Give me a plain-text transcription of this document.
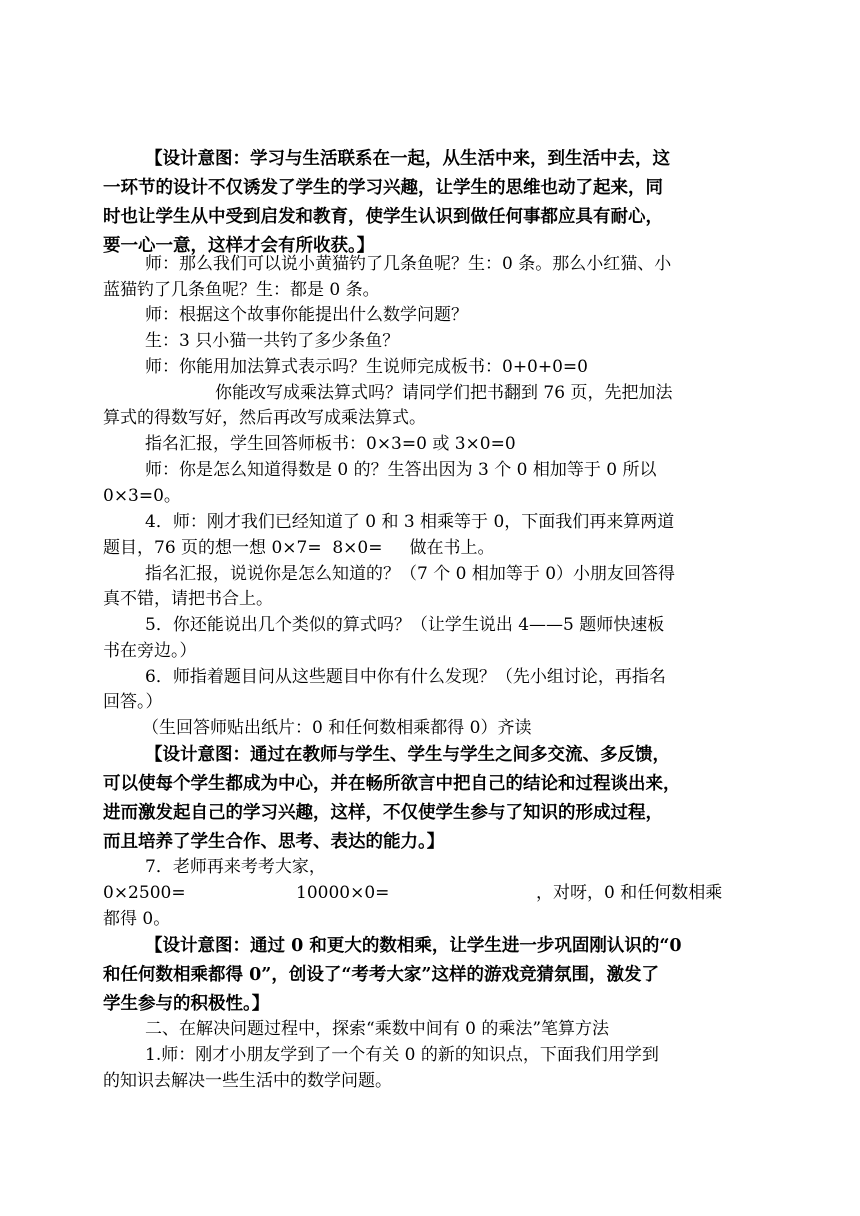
【设计意图：学习与生活联系在一起，从生活中来，到生活中去，这
一环节的设计不仅诱发了学生的学习兴趣，让学生的思维也动了起来，同
时也让学生从中受到启发和教育，使学生认识到做任何事都应具有耐心，
要一心一意，这样才会有所收获。】
师：那么我们可以说小黄猫钓了几条鱼呢？生：0 条。那么小红猫、小
蓝猫钓了几条鱼呢？生：都是 0 条。
师：根据这个故事你能提出什么数学问题？
生：3 只小猫一共钓了多少条鱼？
师：你能用加法算式表示吗？生说师完成板书：0+0+0=0
你能改写成乘法算式吗？请同学们把书翻到 76 页，先把加法
算式的得数写好，然后再改写成乘法算式。
指名汇报，学生回答师板书：0×3=0 或 3×0=0
师：你是怎么知道得数是 0 的？生答出因为 3 个 0 相加等于 0 所以
0×3=0。
4．师：刚才我们已经知道了 0 和 3 相乘等于 0，下面我们再来算两道
题目，76 页的想一想 0×7=  8×0=     做在书上。
指名汇报，说说你是怎么知道的？（7 个 0 相加等于 0）小朋友回答得
真不错，请把书合上。
5．你还能说出几个类似的算式吗？（让学生说出 4——5 题师快速板
书在旁边。）
6．师指着题目问从这些题目中你有什么发现？（先小组讨论，再指名
回答。）
（生回答师贴出纸片：0 和任何数相乘都得 0）齐读
【设计意图：通过在教师与学生、学生与学生之间多交流、多反馈，
可以使每个学生都成为中心，并在畅所欲言中把自己的结论和过程谈出来，
进而激发起自己的学习兴趣，这样，不仅使学生参与了知识的形成过程，
而且培养了学生合作、思考、表达的能力。】
7．老师再来考考大家，
0×2500=	10000×0=	，对呀，0 和任何数相乘
都得 0。
【设计意图：通过 0 和更大的数相乘，让学生进一步巩固刚认识的“0
和任何数相乘都得 0”，创设了“考考大家”这样的游戏竞猜氛围，激发了
学生参与的积极性。】
二、在解决问题过程中，探索“乘数中间有 0 的乘法”笔算方法
1.师：刚才小朋友学到了一个有关 0 的新的知识点，下面我们用学到
的知识去解决一些生活中的数学问题。
